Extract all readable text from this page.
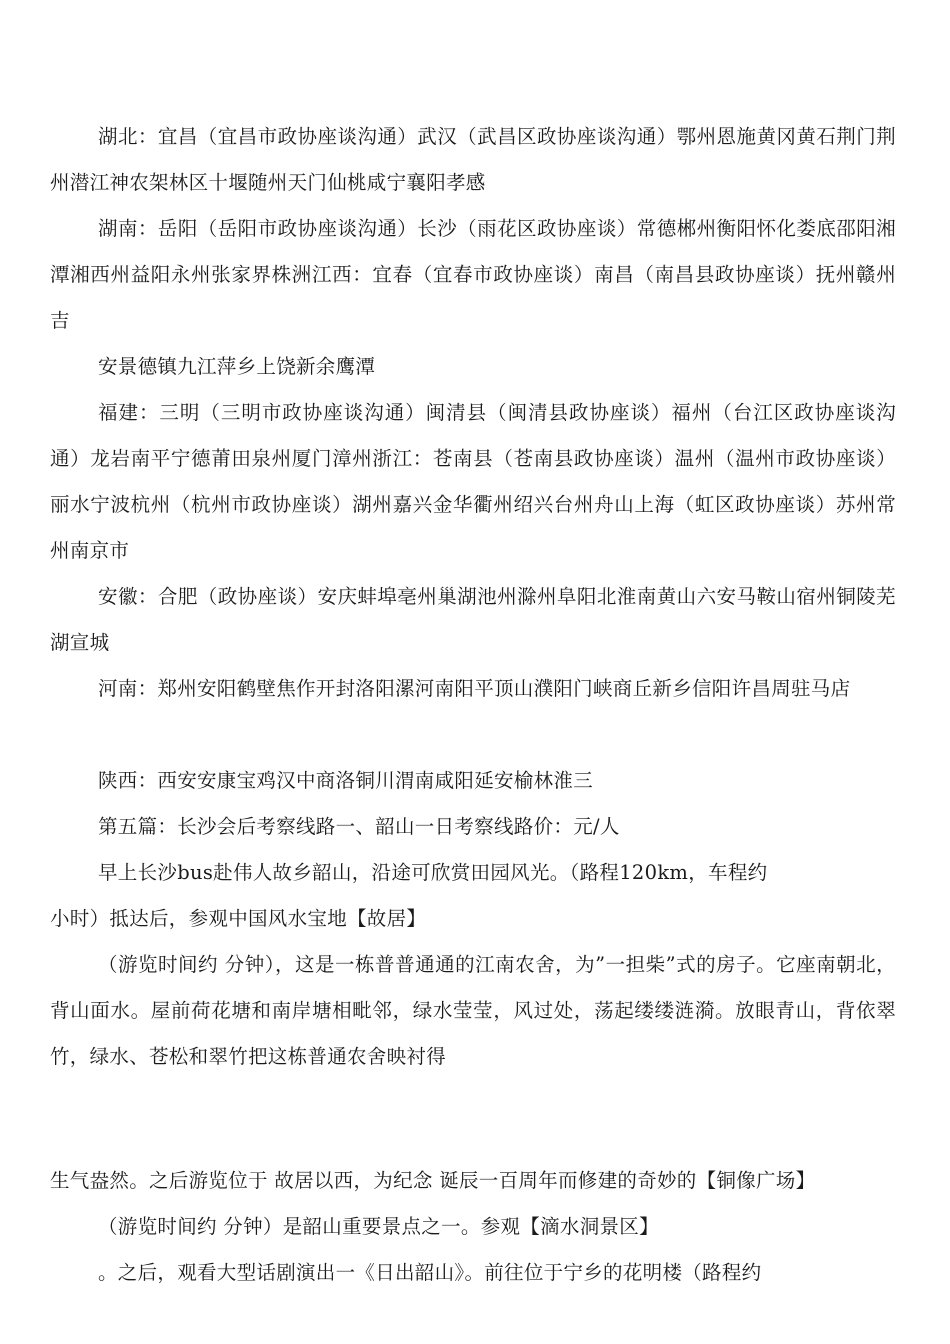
湖北：宜昌（宜昌市政协座谈沟通）武汉（武昌区政协座谈沟通）鄂州恩施黄冈黄石荆门荆州潜江神农架林区十堰随州天门仙桃咸宁襄阳孝感

湖南：岳阳（岳阳市政协座谈沟通）长沙（雨花区政协座谈）常德郴州衡阳怀化娄底邵阳湘潭湘西州益阳永州张家界株洲江西：宜春（宜春市政协座谈）南昌（南昌县政协座谈）抚州赣州吉

安景德镇九江萍乡上饶新余鹰潭

福建：三明（三明市政协座谈沟通）闽清县（闽清县政协座谈）福州（台江区政协座谈沟通）龙岩南平宁德莆田泉州厦门漳州浙江：苍南县（苍南县政协座谈）温州（温州市政协座谈）丽水宁波杭州（杭州市政协座谈）湖州嘉兴金华衢州绍兴台州舟山上海（虹区政协座谈）苏州常州南京市

安徽：合肥（政协座谈）安庆蚌埠亳州巢湖池州滁州阜阳北淮南黄山六安马鞍山宿州铜陵芜湖宣城

河南：郑州安阳鹤壁焦作开封洛阳漯河南阳平顶山濮阳门峡商丘新乡信阳许昌周驻马店

陕西：西安安康宝鸡汉中商洛铜川渭南咸阳延安榆林淮三

第五篇：长沙会后考察线路一、韶山一日考察线路价：元/人

早上长沙bus赴伟人故乡韶山，沿途可欣赏田园风光。（路程120km，车程约

小时）抵达后，参观中国风水宝地【故居】

（游览时间约 分钟），这是一栋普普通通的江南农舍，为”一担柴”式的房子。它座南朝北，背山面水。屋前荷花塘和南岸塘相毗邻，绿水莹莹，风过处，荡起缕缕涟漪。放眼青山，背依翠竹，绿水、苍松和翠竹把这栋普通农舍映衬得

生气盎然。之后游览位于 故居以西，为纪念 诞辰一百周年而修建的奇妙的【铜像广场】

（游览时间约 分钟）是韶山重要景点之一。参观【滴水洞景区】

。之后，观看大型话剧演出一《日出韶山》。前往位于宁乡的花明楼（路程约
